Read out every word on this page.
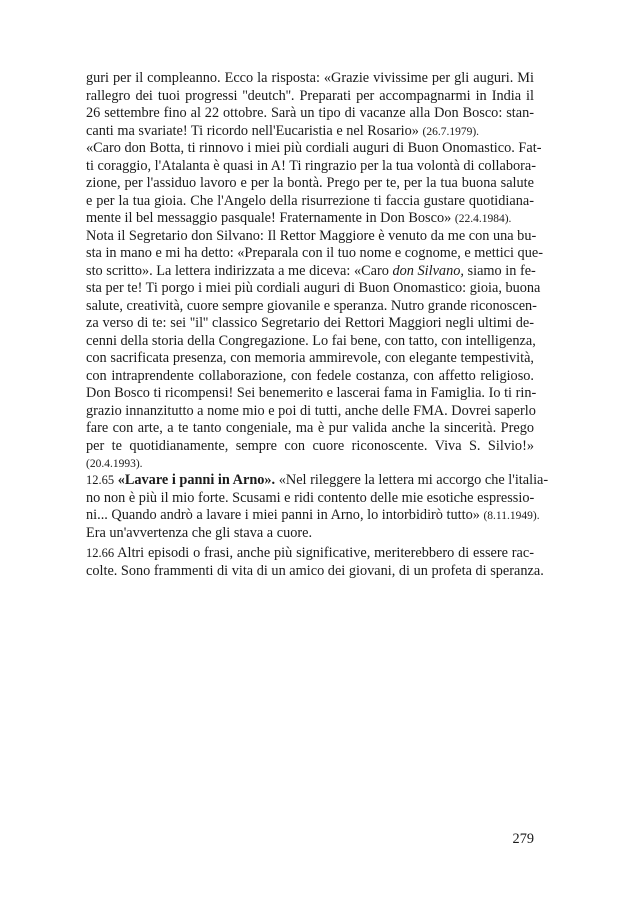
guri per il compleanno. Ecco la risposta: «Grazie vivissime per gli auguri. Mi
rallegro dei tuoi progressi ''deutch''. Preparati per accompagnarmi in India il
26 settembre fino al 22 ottobre. Sarà un tipo di vacanze alla Don Bosco: stan-
canti ma svariate! Ti ricordo nell'Eucaristia e nel Rosario» (26.7.1979).
«Caro don Botta, ti rinnovo i miei più cordiali auguri di Buon Onomastico. Fat-
ti coraggio, l'Atalanta è quasi in A! Ti ringrazio per la tua volontà di collabora-
zione, per l'assiduo lavoro e per la bontà. Prego per te, per la tua buona salute
e per la tua gioia. Che l'Angelo della risurrezione ti faccia gustare quotidiana-
mente il bel messaggio pasquale! Fraternamente in Don Bosco» (22.4.1984).
Nota il Segretario don Silvano: Il Rettor Maggiore è venuto da me con una bu-
sta in mano e mi ha detto: «Preparala con il tuo nome e cognome, e mettici que-
sto scritto». La lettera indirizzata a me diceva: «Caro don Silvano, siamo in fe-
sta per te! Ti porgo i miei più cordiali auguri di Buon Onomastico: gioia, buona
salute, creatività, cuore sempre giovanile e speranza. Nutro grande riconoscen-
za verso di te: sei ''il'' classico Segretario dei Rettori Maggiori negli ultimi de-
cenni della storia della Congregazione. Lo fai bene, con tatto, con intelligenza,
con sacrificata presenza, con memoria ammirevole, con elegante tempestività,
con intraprendente collaborazione, con fedele costanza, con affetto religioso.
Don Bosco ti ricompensi! Sei benemerito e lascerai fama in Famiglia. Io ti rin-
grazio innanzitutto a nome mio e poi di tutti, anche delle FMA. Dovrei saperlo
fare con arte, a te tanto congeniale, ma è pur valida anche la sincerità. Prego
per te quotidianamente, sempre con cuore riconoscente. Viva S. Silvio!»
(20.4.1993).
12.65 «Lavare i panni in Arno». «Nel rileggere la lettera mi accorgo che l'italia-
no non è più il mio forte. Scusami e ridi contento delle mie esotiche espressio-
ni... Quando andrò a lavare i miei panni in Arno, lo intorbidirò tutto» (8.11.1949).
Era un'avvertenza che gli stava a cuore.
12.66 Altri episodi o frasi, anche più significative, meriterebbero di essere rac-
colte. Sono frammenti di vita di un amico dei giovani, di un profeta di speranza.
279
